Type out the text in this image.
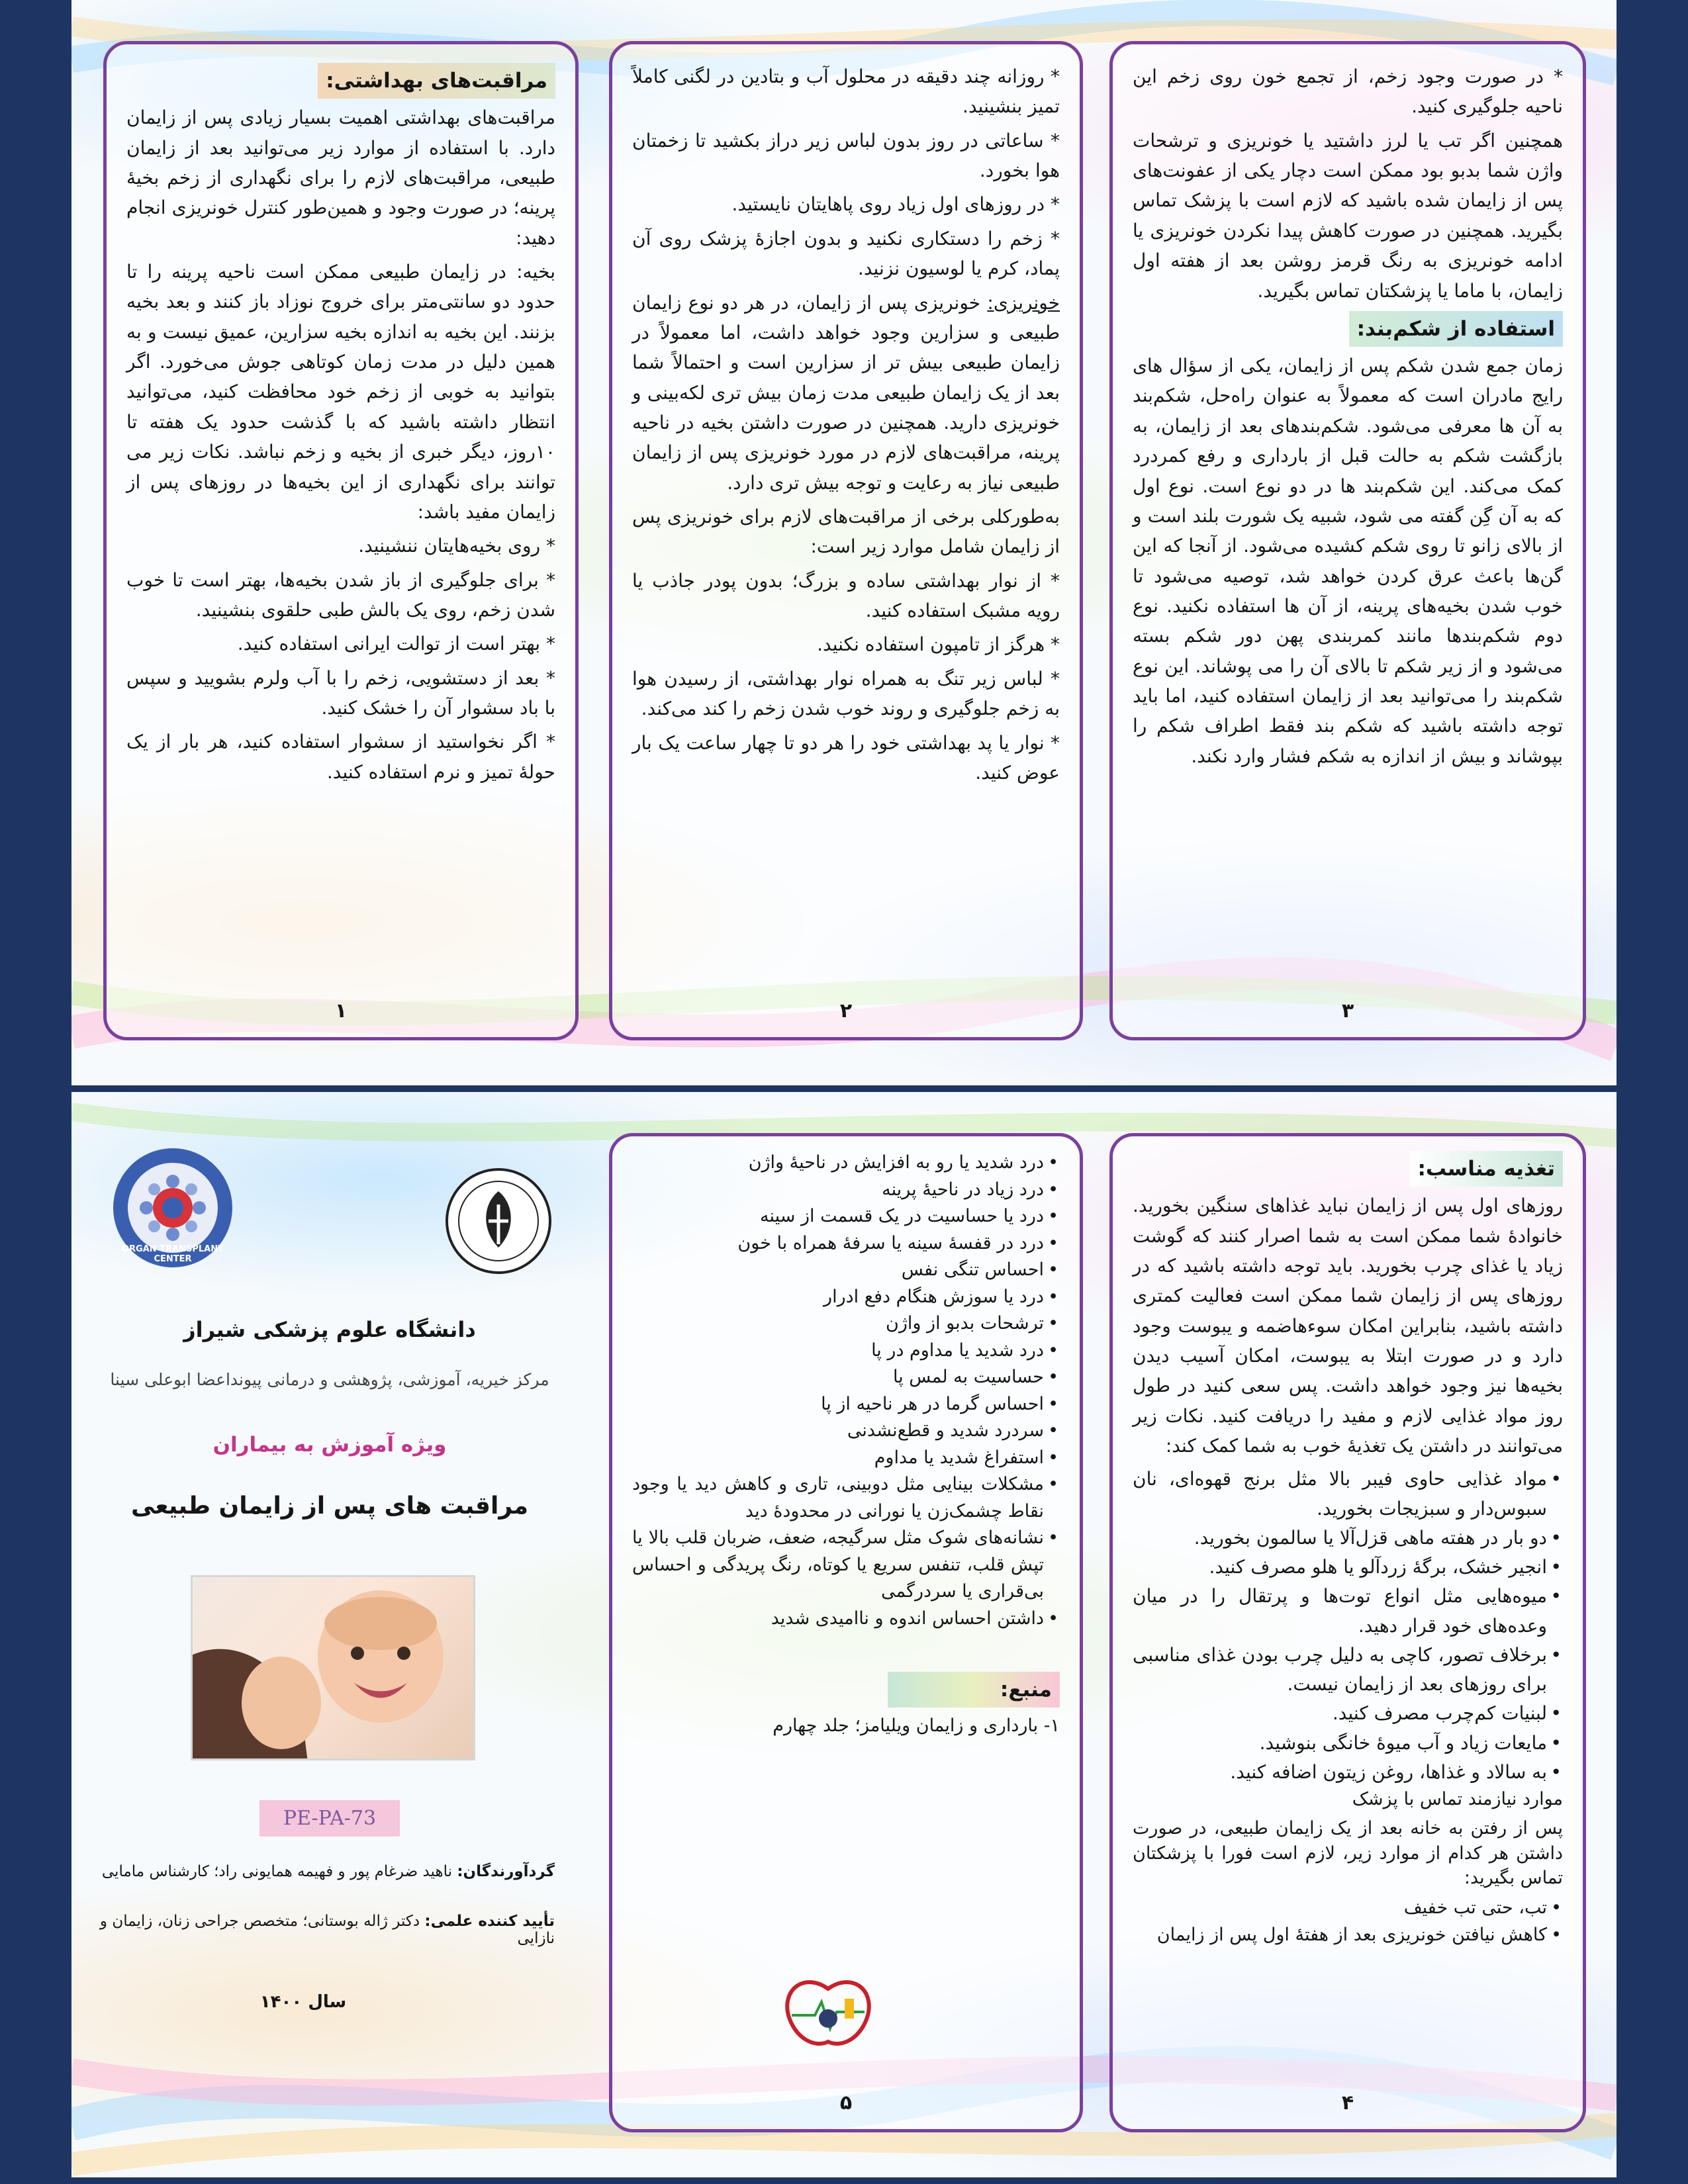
مراقبت‌های بهداشتی:

مراقبت‌های بهداشتی اهمیت بسیار زیادی پس از زایمان دارد. با استفاده از موارد زیر می‌توانید بعد از زایمان طبیعی، مراقبت‌های لازم را برای نگهداری از زخم بخیهٔ پرینه؛ در صورت وجود و همین‌طور کنترل خونریزی انجام دهید:

بخیه: در زایمان طبیعی ممکن است ناحیه پرینه را تا حدود دو سانتی‌متر برای خروج نوزاد باز کنند و بعد بخیه بزنند. این بخیه به اندازه بخیه سزارین، عمیق نیست و به همین دلیل در مدت زمان کوتاهی جوش می‌خورد. اگر بتوانید به خوبی از زخم خود محافظت کنید، می‌توانید انتظار داشته باشید که با گذشت حدود یک هفته تا ۱۰روز، دیگر خبری از بخیه و زخم نباشد. نکات زیر می توانند برای نگهداری از این بخیه‌ها در روزهای پس از زایمان مفید باشد:

* روی بخیه‌هایتان ننشینید.

* برای جلوگیری از باز شدن بخیه‌ها، بهتر است تا خوب شدن زخم، روی یک بالش طبی حلقوی بنشینید.

* بهتر است از توالت ایرانی استفاده کنید.

* بعد از دستشویی، زخم را با آب ولرم بشویید و سپس با باد سشوار آن را خشک کنید.

* اگر نخواستید از سشوار استفاده کنید، هر بار از یک حولهٔ تمیز و نرم استفاده کنید.

۱

* روزانه چند دقیقه در محلول آب و بتادین در لگنی کاملاً تمیز بنشینید.

* ساعاتی در روز بدون لباس زیر دراز بکشید تا زخمتان هوا بخورد.

* در روزهای اول زیاد روی پاهایتان نایستید.

* زخم را دستکاری نکنید و بدون اجازهٔ پزشک روی آن پماد، کرم یا لوسیون نزنید.

خونریزی: خونریزی پس از زایمان، در هر دو نوع زایمان طبیعی و سزارین وجود خواهد داشت، اما معمولاً در زایمان طبیعی بیش تر از سزارین است و احتمالاً شما بعد از یک زایمان طبیعی مدت زمان بیش تری لکه‌بینی و خونریزی دارید. همچنین در صورت داشتن بخیه در ناحیه پرینه، مراقبت‌های لازم در مورد خونریزی پس از زایمان طبیعی نیاز به رعایت و توجه بیش تری دارد.

به‌طورکلی برخی از مراقبت‌های لازم برای خونریزی پس از زایمان شامل موارد زیر است:

* از نوار بهداشتی ساده و بزرگ؛ بدون پودر جاذب یا رویه مشبک استفاده کنید.

* هرگز از تامپون استفاده نکنید.

* لباس زیر تنگ به همراه نوار بهداشتی، از رسیدن هوا به زخم جلوگیری و روند خوب شدن زخم را کند می‌کند.

* نوار یا پد بهداشتی خود را هر دو تا چهار ساعت یک بار عوض کنید.

۲

* در صورت وجود زخم، از تجمع خون روی زخم این ناحیه جلوگیری کنید.

همچنین اگر تب یا لرز داشتید یا خونریزی و ترشحات واژن شما بدبو بود ممکن است دچار یکی از عفونت‌های پس از زایمان شده باشید که لازم است با پزشک تماس بگیرید. همچنین در صورت کاهش پیدا نکردن خونریزی یا ادامه خونریزی به رنگ قرمز روشن بعد از هفته اول زایمان، با ماما یا پزشکتان تماس بگیرید.

استفاده از شکم‌بند:

زمان جمع شدن شکم پس از زایمان، یکی از سؤال های رایج مادران است که معمولاً به عنوان راه‌حل، شکم‌بند به آن ها معرفی می‌شود. شکم‌بندهای بعد از زایمان، به بازگشت شکم به حالت قبل از بارداری و رفع کمردرد کمک می‌کند. این شکم‌بند ها در دو نوع است. نوع اول که به آن گِن گفته می شود، شبیه یک شورت بلند است و از بالای زانو تا روی شکم کشیده می‌شود. از آنجا که این گن‌ها باعث عرق کردن خواهد شد، توصیه می‌شود تا خوب شدن بخیه‌های پرینه، از آن ها استفاده نکنید. نوع دوم شکم‌بندها مانند کمربندی پهن دور شکم بسته می‌شود و از زیر شکم تا بالای آن را می پوشاند. این نوع شکم‌بند را می‌توانید بعد از زایمان استفاده کنید، اما باید توجه داشته باشید که شکم بند فقط اطراف شکم را بپوشاند و بیش از اندازه به شکم فشار وارد نکند.

۳
ORGAN TRANSPLANT CENTER
دانشگاه علوم پزشکی شیراز
مرکز خیریه، آموزشی، پژوهشی و درمانی پیونداعضا ابوعلی سینا
ویژه آموزش به بیماران
مراقبت های پس از زایمان طبیعی
PE-PA-73
گردآورندگان: ناهید ضرغام پور و فهیمه همایونی راد؛ کارشناس مامایی
تأیید کننده علمی: دکتر ژاله بوستانی؛ متخصص جراحی زنان، زایمان و نازایی
سال ۱۴۰۰
• درد شدید یا رو به افزایش در ناحیهٔ واژن
• درد زیاد در ناحیهٔ پرینه
• درد یا حساسیت در یک قسمت از سینه
• درد در قفسهٔ سینه یا سرفهٔ همراه با خون
• احساس تنگی نفس
• درد یا سوزش هنگام دفع ادرار
• ترشحات بدبو از واژن
• درد شدید یا مداوم در پا
• حساسیت به لمس پا
• احساس گرما در هر ناحیه از پا
• سردرد شدید و قطع‌نشدنی
• استفراغ شدید یا مداوم
• مشکلات بینایی مثل دوبینی، تاری و کاهش دید یا وجود نقاط چشمک‌زن یا نورانی در محدودهٔ دید
• نشانه‌های شوک مثل سرگیجه، ضعف، ضربان قلب بالا یا تپش قلب، تنفس سریع یا کوتاه، رنگ پریدگی و احساس بی‌قراری یا سردرگمی
• داشتن احساس اندوه و ناامیدی شدید
منبع:

۱- بارداری و زایمان ویلیامز؛ جلد چهارم

۵
تغذیه مناسب:

روزهای اول پس از زایمان نباید غذاهای سنگین بخورید. خانوادهٔ شما ممکن است به شما اصرار کنند که گوشت زیاد یا غذای چرب بخورید. باید توجه داشته باشید که در روزهای پس از زایمان شما ممکن است فعالیت کمتری داشته باشید، بنابراین امکان سوءهاضمه و یبوست وجود دارد و در صورت ابتلا به یبوست، امکان آسیب دیدن بخیه‌ها نیز وجود خواهد داشت. پس سعی کنید در طول روز مواد غذایی لازم و مفید را دریافت کنید. نکات زیر می‌توانند در داشتن یک تغذیهٔ خوب به شما کمک کند:

• مواد غذایی حاوی فیبر بالا مثل برنج قهوه‌ای، نان سبوس‌دار و سبزیجات بخورید.
• دو بار در هفته ماهی قزل‌آلا یا سالمون بخورید.
• انجیر خشک، برگهٔ زردآلو یا هلو مصرف کنید.
• میوه‌هایی مثل انواع توت‌ها و پرتقال را در میان وعده‌های خود قرار دهید.
• برخلاف تصور، کاچی به دلیل چرب بودن غذای مناسبی برای روزهای بعد از زایمان نیست.
• لبنیات کم‌چرب مصرف کنید.
• مایعات زیاد و آب میوهٔ خانگی بنوشید.
• به سالاد و غذاها، روغن زیتون اضافه کنید.

موارد نیازمند تماس با پزشک

پس از رفتن به خانه بعد از یک زایمان طبیعی، در صورت داشتن هر کدام از موارد زیر، لازم است فورا با پزشکتان تماس بگیرید:

• تب، حتی تب خفیف
• کاهش نیافتن خونریزی بعد از هفتهٔ اول پس از زایمان
۴
